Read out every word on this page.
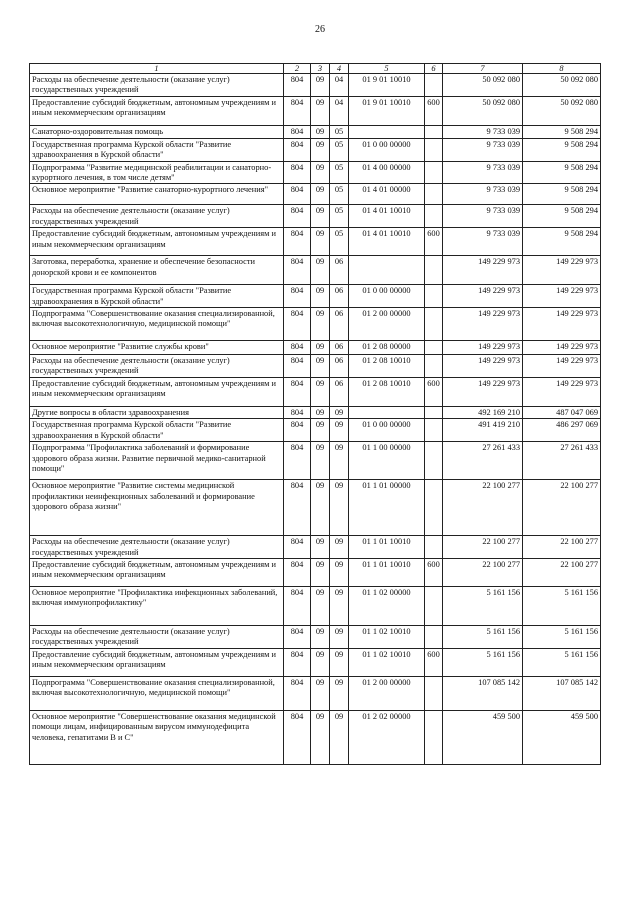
26
1	2	3	4	5	6	7	8
Расходы на обеспечение деятельности (оказание услуг) государственных учреждений	804	09	04	01 9 01 10010		50 092 080	50 092 080
Предоставление субсидий бюджетным, автономным учреждениям и иным некоммерческим организациям	804	09	04	01 9 01 10010	600	50 092 080	50 092 080
Санаторно-оздоровительная помощь	804	09	05			9 733 039	9 508 294
Государственная программа Курской области "Развитие здравоохранения в Курской области"	804	09	05	01 0 00 00000		9 733 039	9 508 294
Подпрограмма "Развитие медицинской реабилитации и санаторно-курортного лечения, в том числе детям"	804	09	05	01 4 00 00000		9 733 039	9 508 294
Основное мероприятие "Развитие санаторно-курортного лечения"	804	09	05	01 4 01 00000		9 733 039	9 508 294
Расходы на обеспечение деятельности (оказание услуг) государственных учреждений	804	09	05	01 4 01 10010		9 733 039	9 508 294
Предоставление субсидий бюджетным, автономным учреждениям и иным некоммерческим организациям	804	09	05	01 4 01 10010	600	9 733 039	9 508 294
Заготовка, переработка, хранение и обеспечение безопасности донорской крови и ее компонентов	804	09	06			149 229 973	149 229 973
Государственная программа Курской области "Развитие здравоохранения в Курской области"	804	09	06	01 0 00 00000		149 229 973	149 229 973
Подпрограмма "Совершенствование оказания специализированной, включая высокотехнологичную, медицинской помощи"	804	09	06	01 2 00 00000		149 229 973	149 229 973
Основное мероприятие "Развитие службы крови"	804	09	06	01 2 08 00000		149 229 973	149 229 973
Расходы на обеспечение деятельности (оказание услуг) государственных учреждений	804	09	06	01 2 08 10010		149 229 973	149 229 973
Предоставление субсидий бюджетным, автономным учреждениям и иным некоммерческим организациям	804	09	06	01 2 08 10010	600	149 229 973	149 229 973
Другие вопросы в области здравоохранения	804	09	09			492 169 210	487 047 069
Государственная программа Курской области "Развитие здравоохранения в Курской области"	804	09	09	01 0 00 00000		491 419 210	486 297 069
Подпрограмма "Профилактика заболеваний и формирование здорового образа жизни. Развитие первичной медико-санитарной помощи"	804	09	09	01 1 00 00000		27 261 433	27 261 433
Основное мероприятие "Развитие системы медицинской профилактики неинфекционных заболеваний и формирование здорового образа жизни"	804	09	09	01 1 01 00000		22 100 277	22 100 277
Расходы на обеспечение деятельности (оказание услуг) государственных учреждений	804	09	09	01 1 01 10010		22 100 277	22 100 277
Предоставление субсидий бюджетным, автономным учреждениям и иным некоммерческим организациям	804	09	09	01 1 01 10010	600	22 100 277	22 100 277
Основное мероприятие "Профилактика инфекционных заболеваний, включая иммунопрофилактику"	804	09	09	01 1 02 00000		5 161 156	5 161 156
Расходы на обеспечение деятельности (оказание услуг) государственных учреждений	804	09	09	01 1 02 10010		5 161 156	5 161 156
Предоставление субсидий бюджетным, автономным учреждениям и иным некоммерческим организациям	804	09	09	01 1 02 10010	600	5 161 156	5 161 156
Подпрограмма "Совершенствование оказания специализированной, включая высокотехнологичную, медицинской помощи"	804	09	09	01 2 00 00000		107 085 142	107 085 142
Основное мероприятие "Совершенствование оказания медицинской помощи лицам, инфицированным вирусом иммунодефицита человека, гепатитами В и С"	804	09	09	01 2 02 00000		459 500	459 500
